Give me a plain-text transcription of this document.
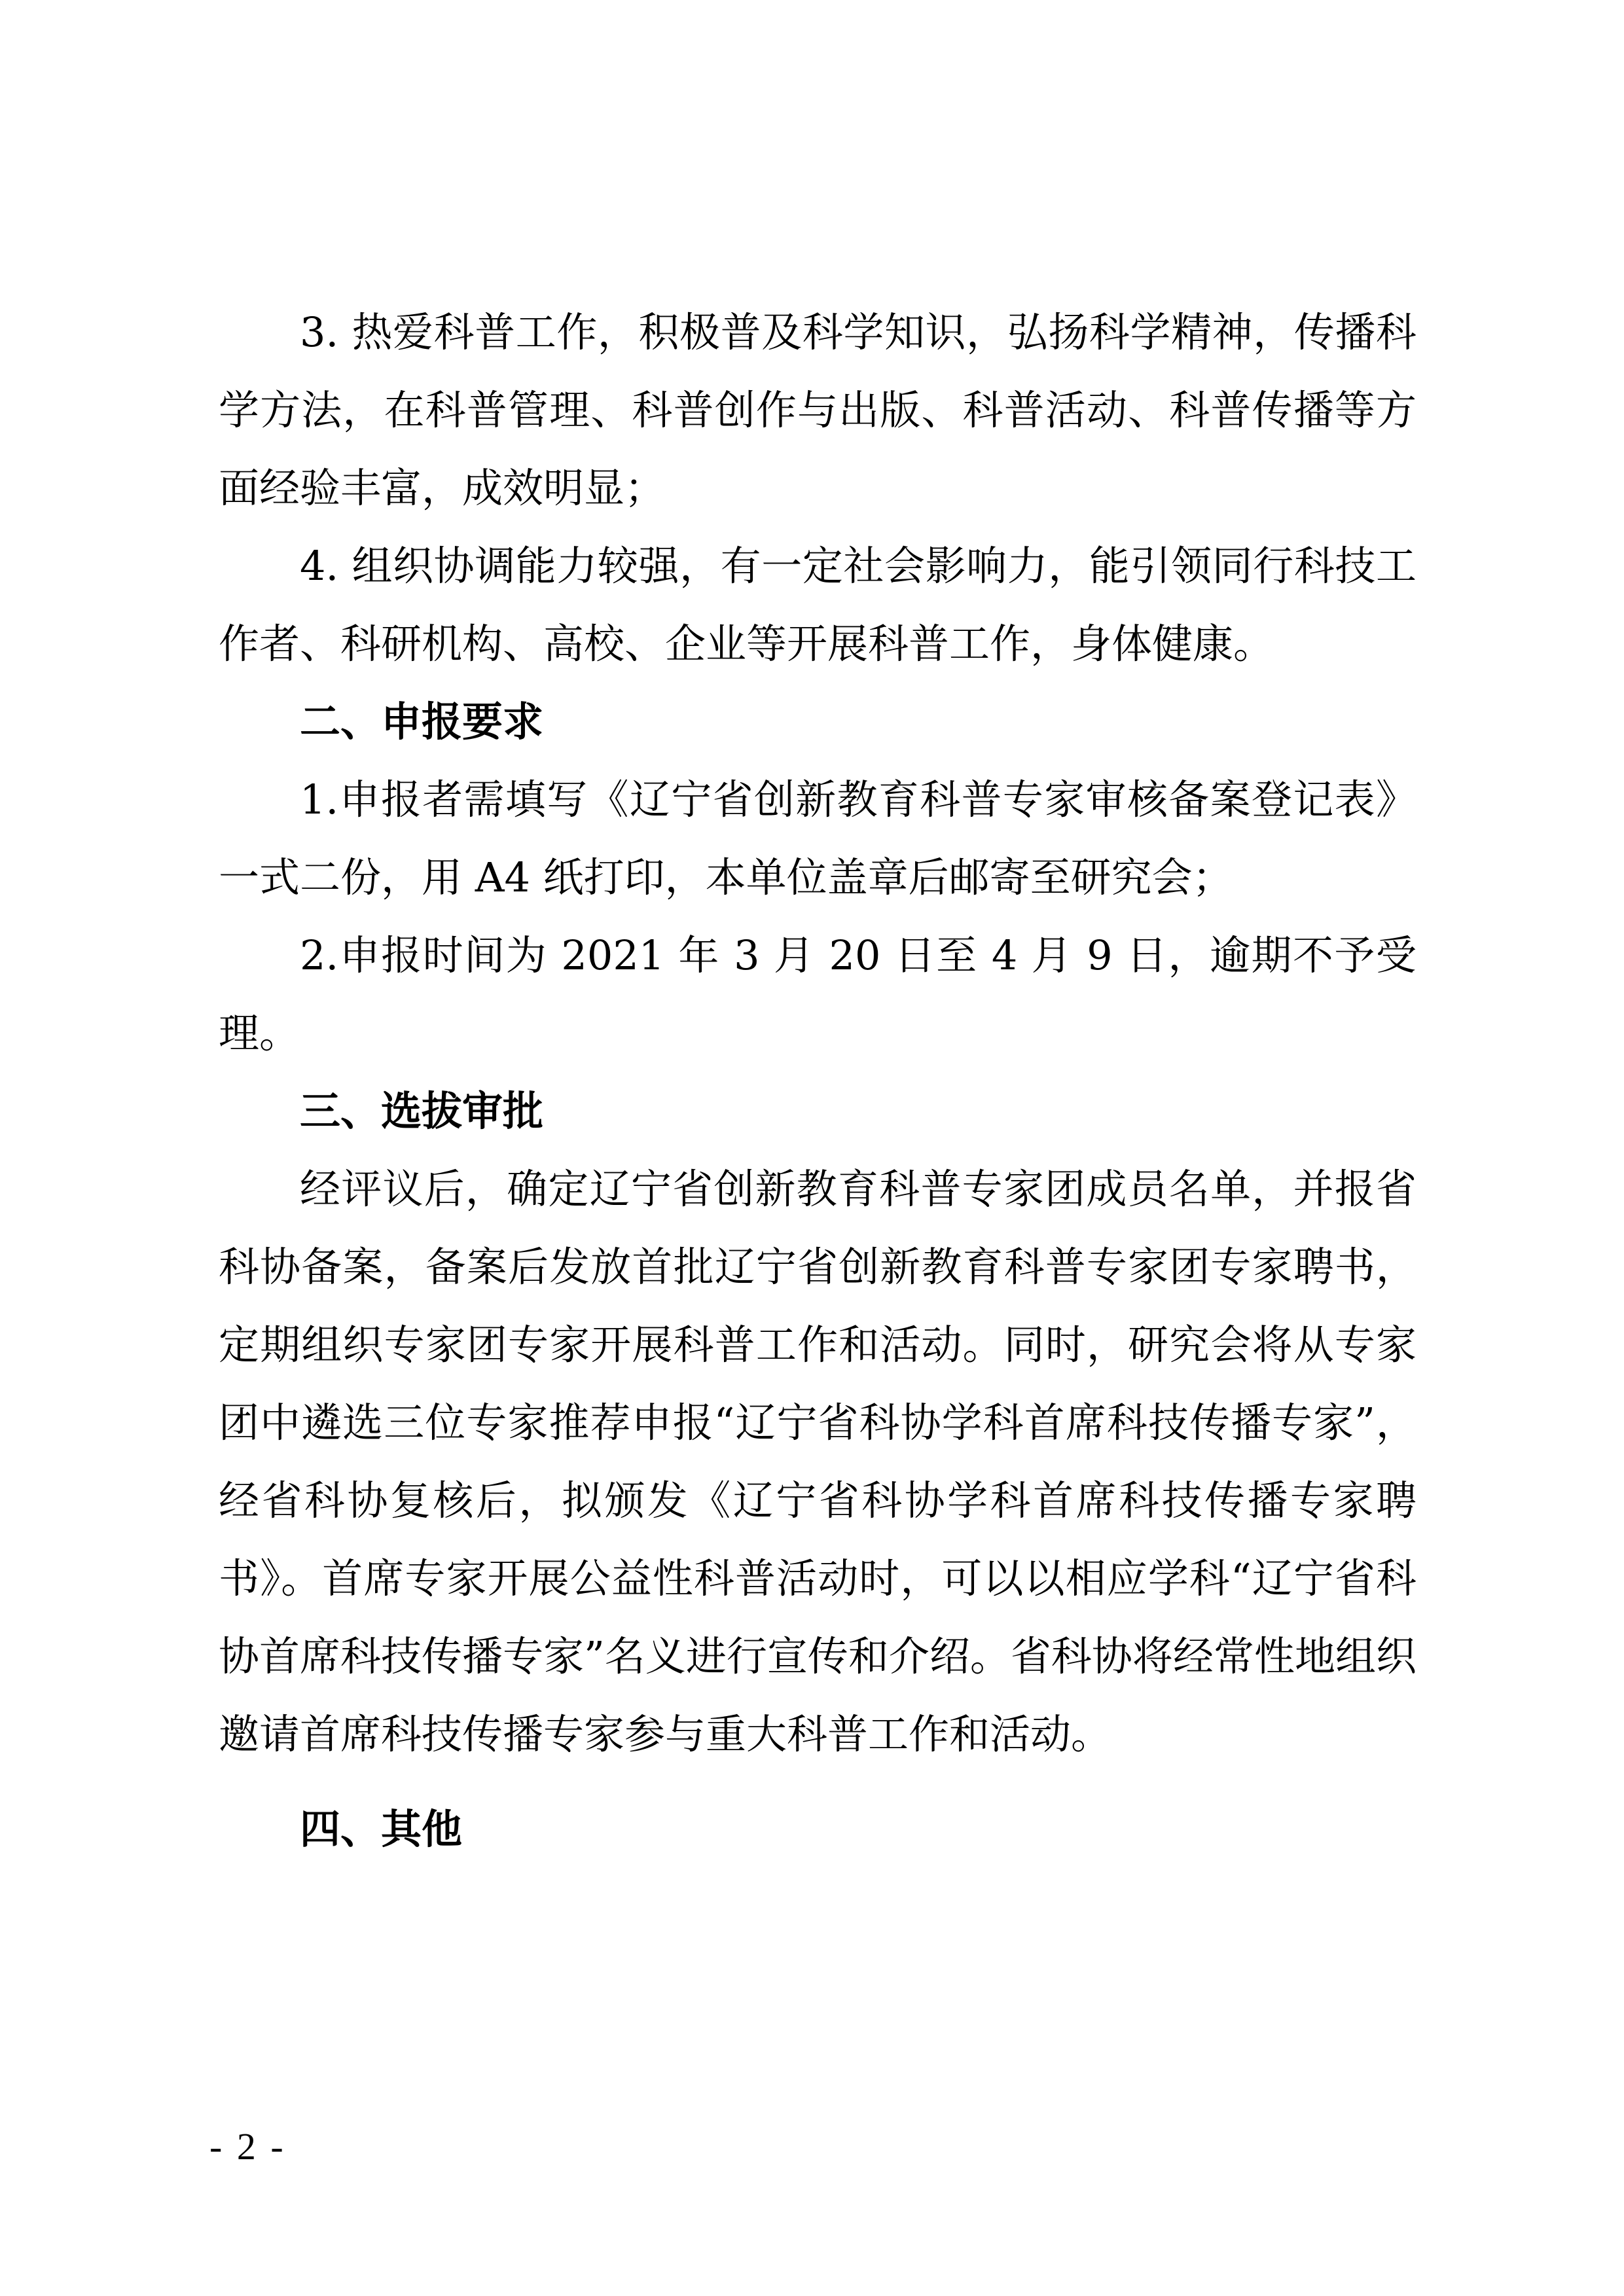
3. 热爱科普工作，积极普及科学知识，弘扬科学精神，传播科学方法，在科普管理、科普创作与出版、科普活动、科普传播等方面经验丰富，成效明显；

4. 组织协调能力较强，有一定社会影响力，能引领同行科技工作者、科研机构、高校、企业等开展科普工作，身体健康。

二、申报要求

1.申报者需填写《辽宁省创新教育科普专家审核备案登记表》一式二份，用 A4 纸打印，本单位盖章后邮寄至研究会；

2.申报时间为 2021 年 3 月 20 日至 4 月 9 日，逾期不予受理。

三、选拔审批

经评议后，确定辽宁省创新教育科普专家团成员名单，并报省科协备案，备案后发放首批辽宁省创新教育科普专家团专家聘书，定期组织专家团专家开展科普工作和活动。同时，研究会将从专家团中遴选三位专家推荐申报“辽宁省科协学科首席科技传播专家”，经省科协复核后，拟颁发《辽宁省科协学科首席科技传播专家聘书》。首席专家开展公益性科普活动时，可以以相应学科“辽宁省科协首席科技传播专家”名义进行宣传和介绍。省科协将经常性地组织邀请首席科技传播专家参与重大科普工作和活动。

四、其他

- 2 -
